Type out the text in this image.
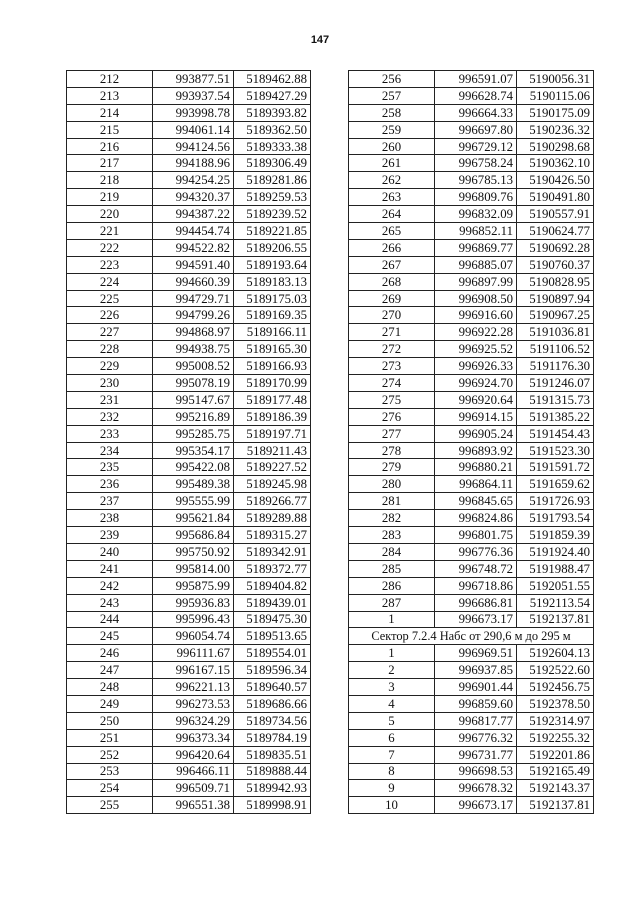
147
212	993877.51	5189462.88
213	993937.54	5189427.29
214	993998.78	5189393.82
215	994061.14	5189362.50
216	994124.56	5189333.38
217	994188.96	5189306.49
218	994254.25	5189281.86
219	994320.37	5189259.53
220	994387.22	5189239.52
221	994454.74	5189221.85
222	994522.82	5189206.55
223	994591.40	5189193.64
224	994660.39	5189183.13
225	994729.71	5189175.03
226	994799.26	5189169.35
227	994868.97	5189166.11
228	994938.75	5189165.30
229	995008.52	5189166.93
230	995078.19	5189170.99
231	995147.67	5189177.48
232	995216.89	5189186.39
233	995285.75	5189197.71
234	995354.17	5189211.43
235	995422.08	5189227.52
236	995489.38	5189245.98
237	995555.99	5189266.77
238	995621.84	5189289.88
239	995686.84	5189315.27
240	995750.92	5189342.91
241	995814.00	5189372.77
242	995875.99	5189404.82
243	995936.83	5189439.01
244	995996.43	5189475.30
245	996054.74	5189513.65
246	996111.67	5189554.01
247	996167.15	5189596.34
248	996221.13	5189640.57
249	996273.53	5189686.66
250	996324.29	5189734.56
251	996373.34	5189784.19
252	996420.64	5189835.51
253	996466.11	5189888.44
254	996509.71	5189942.93
255	996551.38	5189998.91
256	996591.07	5190056.31
257	996628.74	5190115.06
258	996664.33	5190175.09
259	996697.80	5190236.32
260	996729.12	5190298.68
261	996758.24	5190362.10
262	996785.13	5190426.50
263	996809.76	5190491.80
264	996832.09	5190557.91
265	996852.11	5190624.77
266	996869.77	5190692.28
267	996885.07	5190760.37
268	996897.99	5190828.95
269	996908.50	5190897.94
270	996916.60	5190967.25
271	996922.28	5191036.81
272	996925.52	5191106.52
273	996926.33	5191176.30
274	996924.70	5191246.07
275	996920.64	5191315.73
276	996914.15	5191385.22
277	996905.24	5191454.43
278	996893.92	5191523.30
279	996880.21	5191591.72
280	996864.11	5191659.62
281	996845.65	5191726.93
282	996824.86	5191793.54
283	996801.75	5191859.39
284	996776.36	5191924.40
285	996748.72	5191988.47
286	996718.86	5192051.55
287	996686.81	5192113.54
1	996673.17	5192137.81
Сектор 7.2.4 Набс от 290,6 м до 295 м		
1	996969.51	5192604.13
2	996937.85	5192522.60
3	996901.44	5192456.75
4	996859.60	5192378.50
5	996817.77	5192314.97
6	996776.32	5192255.32
7	996731.77	5192201.86
8	996698.53	5192165.49
9	996678.32	5192143.37
10	996673.17	5192137.81
